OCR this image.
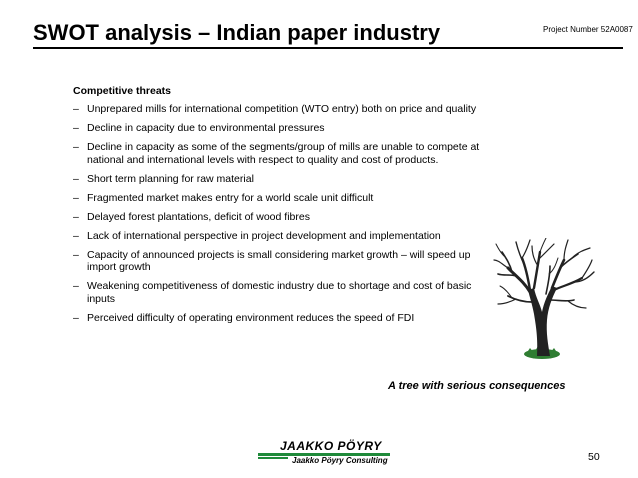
SWOT analysis – Indian paper industry	Project Number 52A0087
Competitive threats
– Unprepared mills for international competition (WTO entry) both on price and quality
– Decline in capacity due to environmental pressures
– Decline in capacity as some of the segments/group of mills are unable to compete at national and international levels with respect to quality and cost of products.
– Short term planning for raw material
– Fragmented market makes entry for a world scale unit difficult
– Delayed forest plantations, deficit of wood fibres
– Lack of international perspective in project development and implementation
– Capacity of announced projects is small considering market growth – will speed up import growth
– Weakening competitiveness of domestic industry due to shortage and cost of basic inputs
– Perceived difficulty of operating environment reduces the speed of FDI
A tree with serious consequences
JAAKKO PÖYRY
Jaakko Pöyry Consulting	50
